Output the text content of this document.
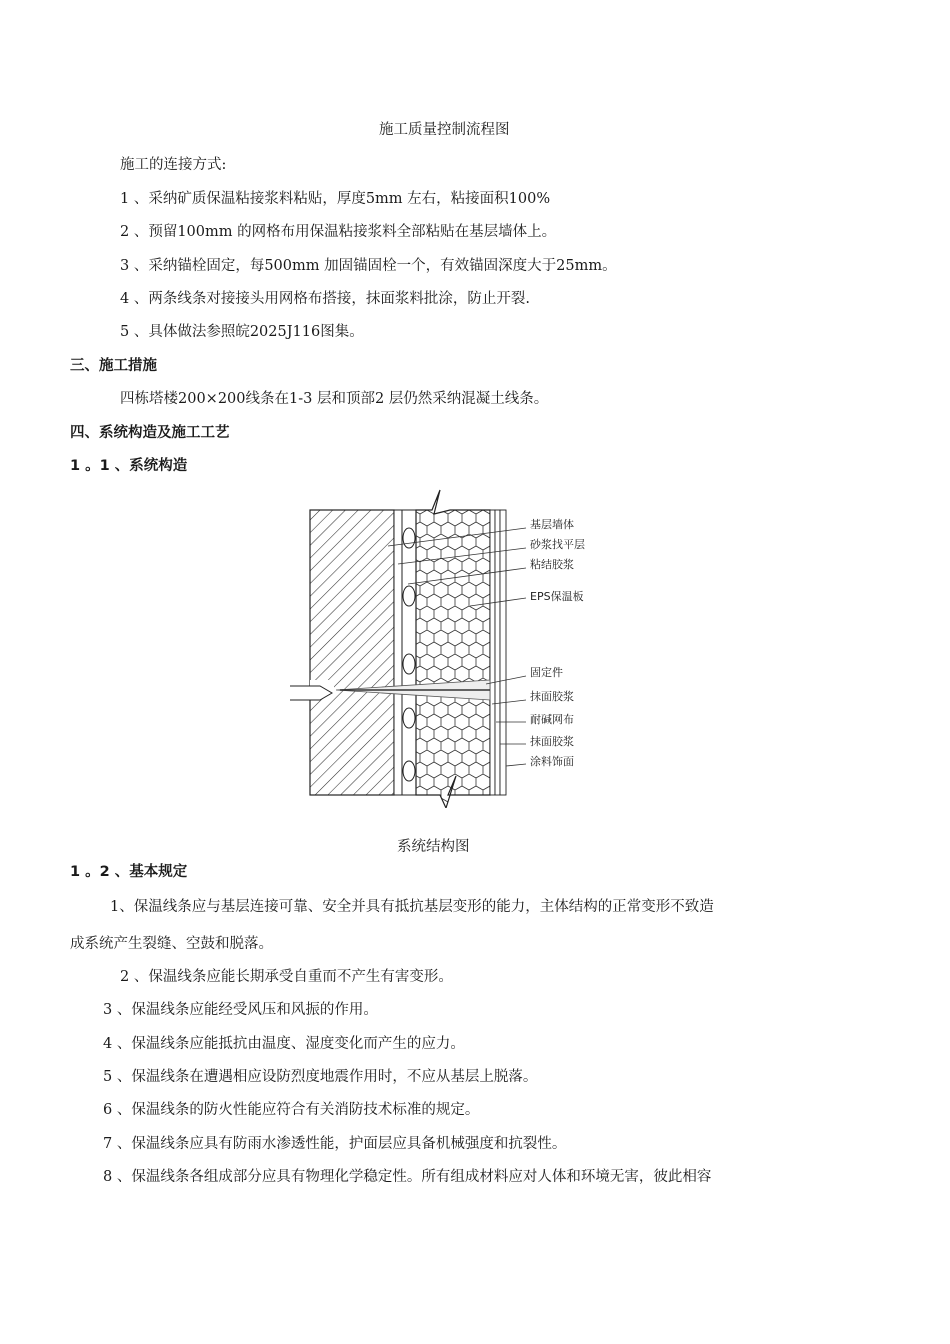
施工质量控制流程图
施工的连接方式:
1 、采纳矿质保温粘接浆料粘贴，厚度5mm 左右，粘接面积100%
2 、预留100mm 的网格布用保温粘接浆料全部粘贴在基层墙体上。
3 、采纳锚栓固定，每500mm 加固锚固栓一个，有效锚固深度大于25mm。
4 、两条线条对接接头用网格布搭接，抹面浆料批涂，防止开裂.
5 、具体做法参照皖2025J116图集。
三、施工措施
四栋塔楼200×200线条在1-3 层和顶部2 层仍然采纳混凝土线条。
四、系统构造及施工工艺
1 。1 、系统构造
基层墙体
砂浆找平层
粘结胶浆
EPS保温板
固定件
抹面胶浆
耐碱网布
抹面胶浆
涂料饰面
系统结构图
1 。2 、基本规定
1、保温线条应与基层连接可靠、安全并具有抵抗基层变形的能力，主体结构的正常变形不致造
成系统产生裂缝、空鼓和脱落。
2 、保温线条应能长期承受自重而不产生有害变形。
3 、保温线条应能经受风压和风振的作用。
4 、保温线条应能抵抗由温度、湿度变化而产生的应力。
5 、保温线条在遭遇相应设防烈度地震作用时，不应从基层上脱落。
6 、保温线条的防火性能应符合有关消防技术标准的规定。
7 、保温线条应具有防雨水渗透性能，护面层应具备机械强度和抗裂性。
8 、保温线条各组成部分应具有物理化学稳定性。所有组成材料应对人体和环境无害，彼此相容
